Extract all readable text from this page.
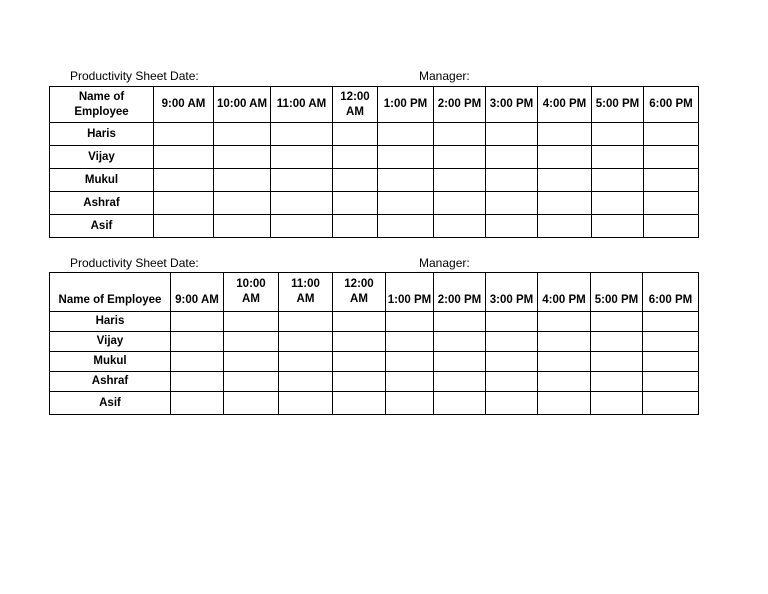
Productivity Sheet Date:	Manager:
Name of Employee	9:00 AM	10:00 AM	11:00 AM	12:00 AM	1:00 PM	2:00 PM	3:00 PM	4:00 PM	5:00 PM	6:00 PM
Haris										
Vijay										
Mukul										
Ashraf										
Asif										
Productivity Sheet Date:	Manager:
Name of Employee	9:00 AM	10:00 AM	11:00 AM	12:00 AM	1:00 PM	2:00 PM	3:00 PM	4:00 PM	5:00 PM	6:00 PM
Haris										
Vijay										
Mukul										
Ashraf										
Asif										
